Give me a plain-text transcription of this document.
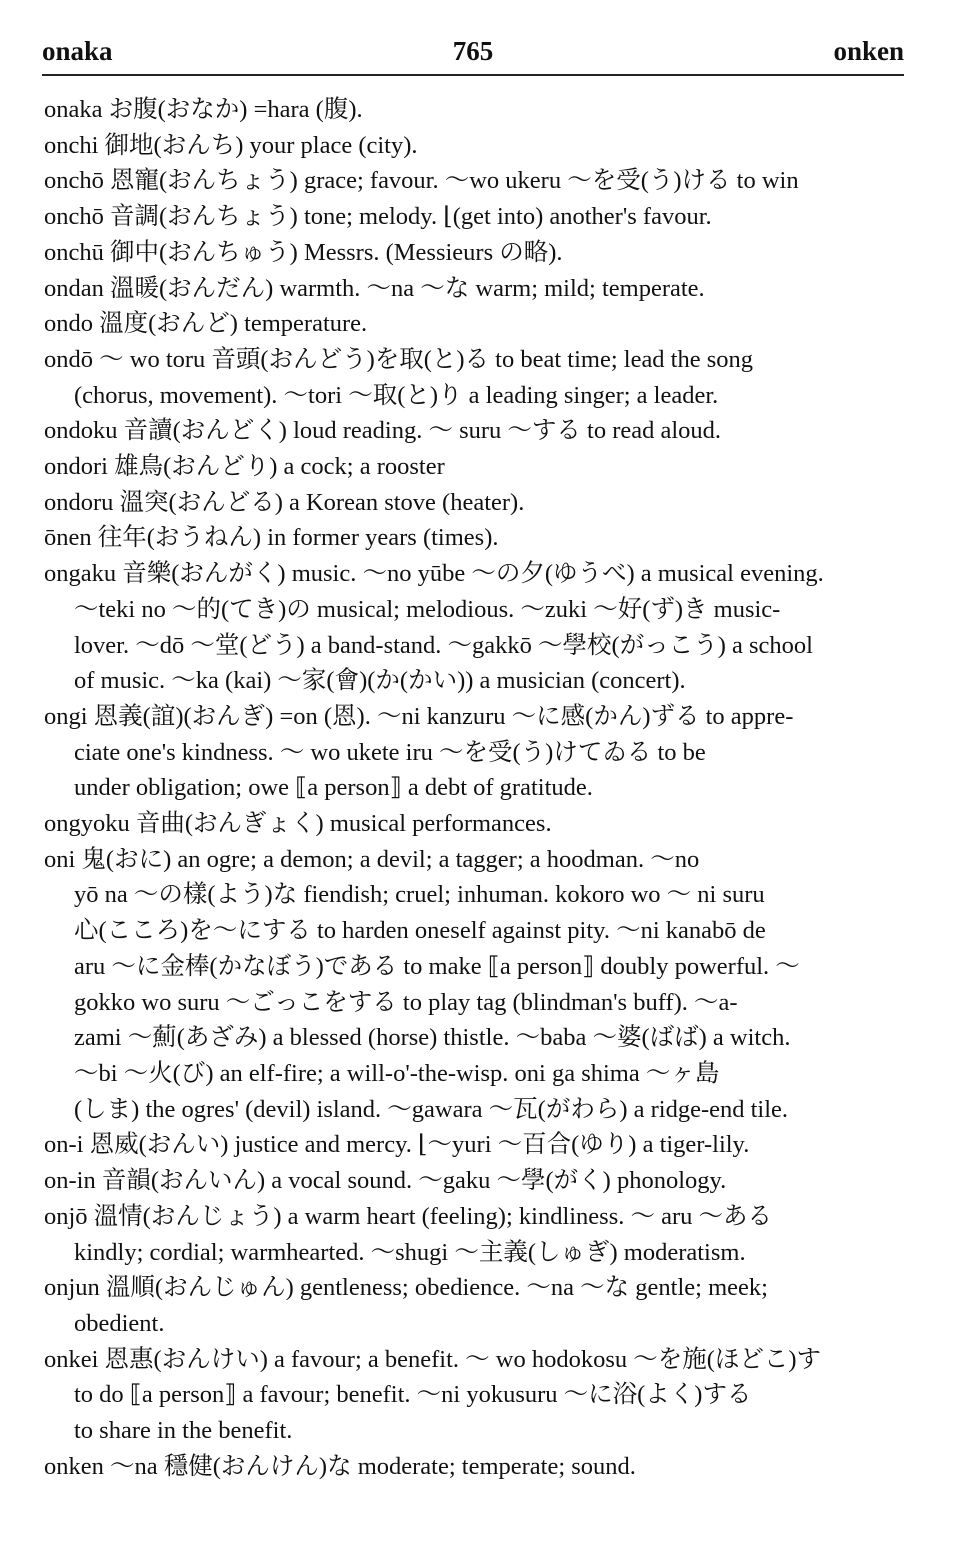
onaka	765	onken

onaka お腹(おなか) =hara (腹).

onchi 御地(おんち) your place (city).

onchō 恩寵(おんちょう) grace; favour. ～wo ukeru ～を受(う)ける to win

onchō 音調(おんちょう) tone; melody. ⌊(get into) another's favour.

onchū 御中(おんちゅう) Messrs. (Messieurs の略).

ondan 溫暖(おんだん) warmth. ～na ～な warm; mild; temperate.

ondo 溫度(おんど) temperature.

ondō ～ wo toru 音頭(おんどう)を取(と)る to beat time; lead the song

(chorus, movement). ～tori ～取(と)り a leading singer; a leader.

ondoku 音讀(おんどく) loud reading. ～ suru ～する to read aloud.

ondori 雄鳥(おんどり) a cock; a rooster

ondoru 溫突(おんどる) a Korean stove (heater).

ōnen 往年(おうねん) in former years (times).

ongaku 音樂(おんがく) music. ～no yūbe ～の夕(ゆうべ) a musical evening.

～teki no ～的(てき)の musical; melodious. ～zuki ～好(ず)き music-
lover. ～dō ～堂(どう) a band-stand. ～gakkō ～學校(がっこう) a school
of music. ～ka (kai) ～家(會)(か(かい)) a musician (concert).

ongi 恩義(誼)(おんぎ) =on (恩). ～ni kanzuru ～に感(かん)ずる to appre-

ciate one's kindness. ～ wo ukete iru ～を受(う)けてゐる to be
under obligation; owe ⟦a person⟧ a debt of gratitude.

ongyoku 音曲(おんぎょく) musical performances.

oni 鬼(おに) an ogre; a demon; a devil; a tagger; a hoodman. ～no

yō na ～の樣(よう)な fiendish; cruel; inhuman. kokoro wo ～ ni suru
心(こころ)を～にする to harden oneself against pity. ～ni kanabō de
aru ～に金棒(かなぼう)である to make ⟦a person⟧ doubly powerful. ～
gokko wo suru ～ごっこをする to play tag (blindman's buff). ～a-
zami ～薊(あざみ) a blessed (horse) thistle. ～baba ～婆(ばば) a witch.
～bi ～火(び) an elf-fire; a will-o'-the-wisp. oni ga shima ～ヶ島
(しま) the ogres' (devil) island. ～gawara ～瓦(がわら) a ridge-end tile.

on-i 恩威(おんい) justice and mercy. ⌊～yuri ～百合(ゆり) a tiger-lily.

on-in 音韻(おんいん) a vocal sound. ～gaku ～學(がく) phonology.

onjō 溫情(おんじょう) a warm heart (feeling); kindliness. ～ aru ～ある

kindly; cordial; warmhearted. ～shugi ～主義(しゅぎ) moderatism.

onjun 溫順(おんじゅん) gentleness; obedience. ～na ～な gentle; meek;

obedient.

onkei 恩惠(おんけい) a favour; a benefit. ～ wo hodokosu ～を施(ほどこ)す

to do ⟦a person⟧ a favour; benefit. ～ni yokusuru ～に浴(よく)する
to share in the benefit.

onken ～na 穩健(おんけん)な moderate; temperate; sound.
